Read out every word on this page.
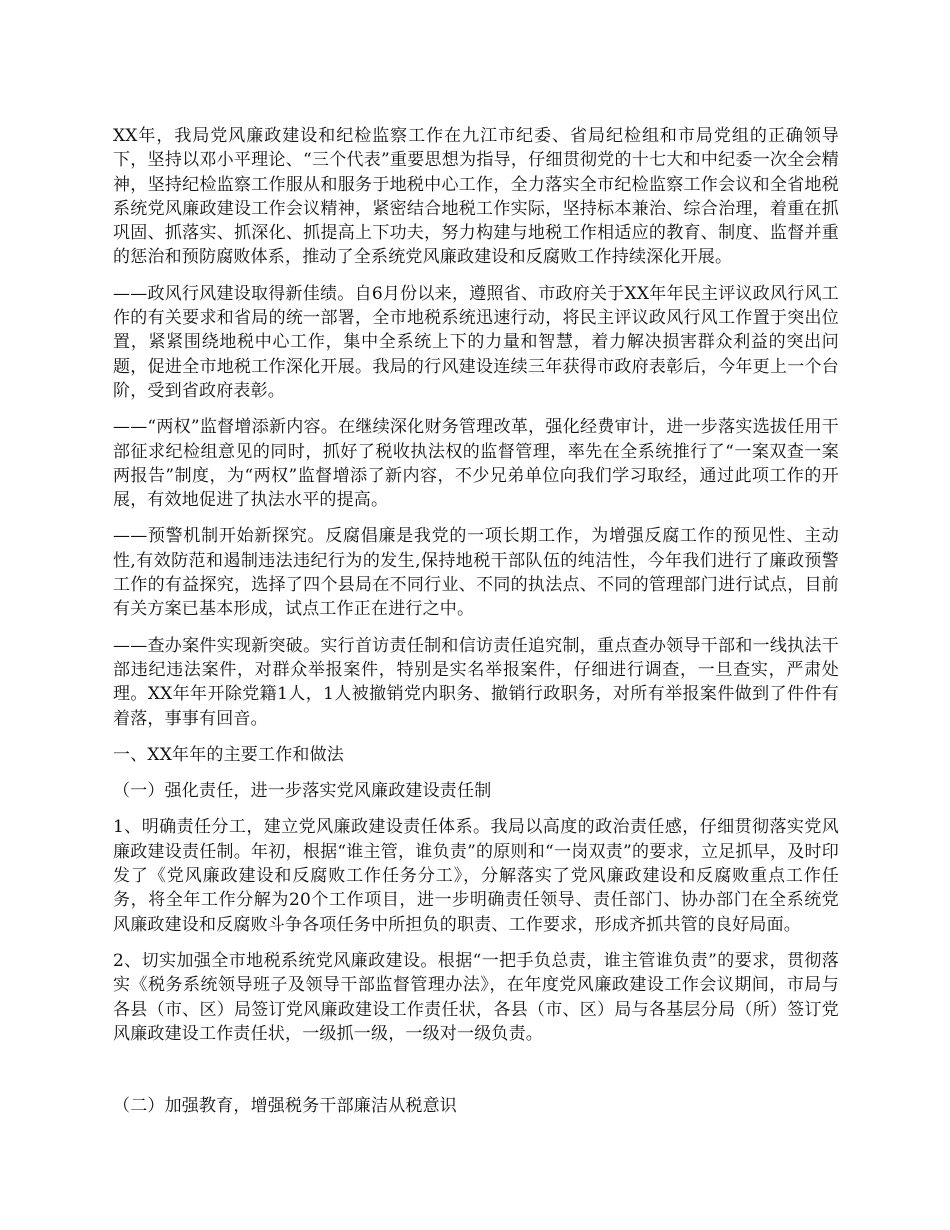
XX年，我局党风廉政建设和纪检监察工作在九江市纪委、省局纪检组和市局党组的正确领导下，坚持以邓小平理论、“三个代表”重要思想为指导，仔细贯彻党的十七大和中纪委一次全会精神，坚持纪检监察工作服从和服务于地税中心工作，全力落实全市纪检监察工作会议和全省地税系统党风廉政建设工作会议精神，紧密结合地税工作实际，坚持标本兼治、综合治理，着重在抓巩固、抓落实、抓深化、抓提高上下功夫，努力构建与地税工作相适应的教育、制度、监督并重的惩治和预防腐败体系，推动了全系统党风廉政建设和反腐败工作持续深化开展。

——政风行风建设取得新佳绩。自6月份以来，遵照省、市政府关于XX年年民主评议政风行风工作的有关要求和省局的统一部署，全市地税系统迅速行动，将民主评议政风行风工作置于突出位置，紧紧围绕地税中心工作，集中全系统上下的力量和智慧，着力解决损害群众利益的突出问题，促进全市地税工作深化开展。我局的行风建设连续三年获得市政府表彰后，今年更上一个台阶，受到省政府表彰。

——“两权”监督增添新内容。在继续深化财务管理改革，强化经费审计，进一步落实选拔任用干部征求纪检组意见的同时，抓好了税收执法权的监督管理，率先在全系统推行了“一案双查一案两报告”制度，为“两权”监督增添了新内容，不少兄弟单位向我们学习取经，通过此项工作的开展，有效地促进了执法水平的提高。

——预警机制开始新探究。反腐倡廉是我党的一项长期工作，为增强反腐工作的预见性、主动性,有效防范和遏制违法违纪行为的发生,保持地税干部队伍的纯洁性，今年我们进行了廉政预警工作的有益探究，选择了四个县局在不同行业、不同的执法点、不同的管理部门进行试点，目前有关方案已基本形成，试点工作正在进行之中。

——查办案件实现新突破。实行首访责任制和信访责任追究制，重点查办领导干部和一线执法干部违纪违法案件，对群众举报案件，特别是实名举报案件，仔细进行调查，一旦查实，严肃处理。XX年年开除党籍1人，1人被撤销党内职务、撤销行政职务，对所有举报案件做到了件件有着落，事事有回音。

一、XX年年的主要工作和做法

（一）强化责任，进一步落实党风廉政建设责任制

1、明确责任分工，建立党风廉政建设责任体系。我局以高度的政治责任感，仔细贯彻落实党风廉政建设责任制。年初，根据“谁主管，谁负责”的原则和“一岗双责”的要求，立足抓早，及时印发了《党风廉政建设和反腐败工作任务分工》，分解落实了党风廉政建设和反腐败重点工作任务，将全年工作分解为20个工作项目，进一步明确责任领导、责任部门、协办部门在全系统党风廉政建设和反腐败斗争各项任务中所担负的职责、工作要求，形成齐抓共管的良好局面。

2、切实加强全市地税系统党风廉政建设。根据“一把手负总责，谁主管谁负责”的要求，贯彻落实《税务系统领导班子及领导干部监督管理办法》，在年度党风廉政建设工作会议期间，市局与各县（市、区）局签订党风廉政建设工作责任状，各县（市、区）局与各基层分局（所）签订党风廉政建设工作责任状，一级抓一级，一级对一级负责。

（二）加强教育，增强税务干部廉洁从税意识
